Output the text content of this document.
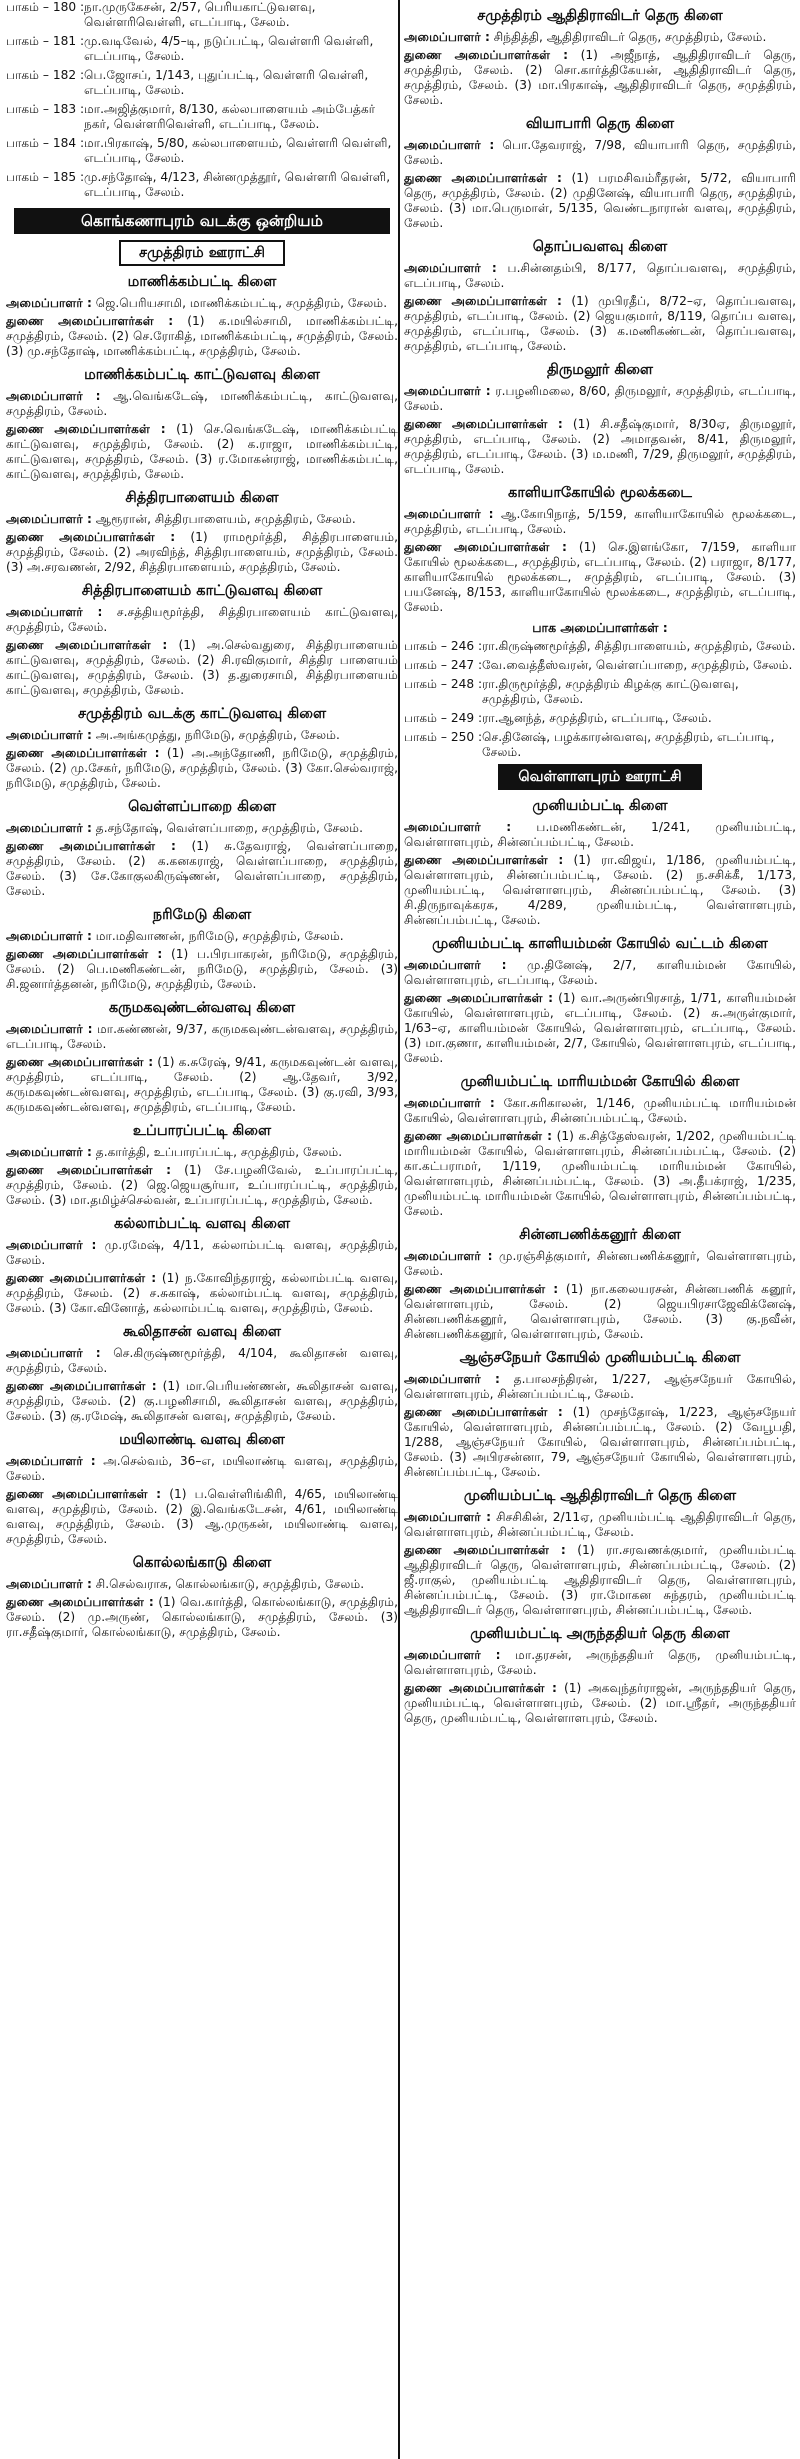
பாகம் – 180 : நா.முருகேசன், 2/57, பெரியகாட்டுவளவு, வெள்ளரிவெள்ளி, எடப்பாடி, சேலம்.
பாகம் – 181 : மு.வடிவேல், 4/5–டி, நடுப்பட்டி, வெள்ளரி வெள்ளி, எடப்பாடி, சேலம்.
பாகம் – 182 : பெ.ஜோசப், 1/143, புதுப்பட்டி, வெள்ளரி வெள்ளி, எடப்பாடி, சேலம்.
பாகம் – 183 : மா.அஜித்குமார், 8/130, கல்லபாளையம் அம்பேத்கர் நகர், வெள்ளரிவெள்ளி, எடப்பாடி, சேலம்.
பாகம் – 184 : மா.பிரகாஷ், 5/80, கல்லபாளையம், வெள்ளரி வெள்ளி, எடப்பாடி, சேலம்.
பாகம் – 185 : மு.சந்தோஷ், 4/123, சின்னமுத்தூர், வெள்ளரி வெள்ளி, எடப்பாடி, சேலம்.
கொங்கணாபுரம் வடக்கு ஒன்றியம்
சமுத்திரம் ஊராட்சி
மாணிக்கம்பட்டி கிளை
அமைப்பாளர் : ஜெ.பெரியசாமி, மாணிக்கம்பட்டி, சமுத்திரம், சேலம்.
துணை அமைப்பாளர்கள் : (1) க.மயில்சாமி, மாணிக்கம்பட்டி, சமுத்திரம், சேலம். (2) செ.ரோகித், மாணிக்கம்பட்டி, சமுத்திரம், சேலம். (3) மு.சந்தோஷ், மாணிக்கம்பட்டி, சமுத்திரம், சேலம்.
மாணிக்கம்பட்டி காட்டுவளவு கிளை
அமைப்பாளர் : ஆ.வெங்கடேஷ், மாணிக்கம்பட்டி, காட்டுவளவு, சமுத்திரம், சேலம்.
துணை அமைப்பாளர்கள் : (1) செ.வெங்கடேஷ், மாணிக்கம்பட்டி காட்டுவளவு, சமுத்திரம், சேலம். (2) க.ராஜா, மாணிக்கம்பட்டி, காட்டுவளவு, சமுத்திரம், சேலம். (3) ர.மோகன்ராஜ், மாணிக்கம்பட்டி, காட்டுவளவு, சமுத்திரம், சேலம்.
சித்திரபாளையம் கிளை
அமைப்பாளர் : ஆரூரான், சித்திரபாளையம், சமுத்திரம், சேலம்.
துணை அமைப்பாளர்கள் : (1) ராமமூர்த்தி, சித்திரபாளையம், சமுத்திரம், சேலம். (2) அரவிந்த், சித்திரபாளையம், சமுத்திரம், சேலம். (3) அ.சரவணன், 2/92, சித்திரபாளையம், சமுத்திரம், சேலம்.
சித்திரபாளையம் காட்டுவளவு கிளை
அமைப்பாளர் : ச.சத்தியமூர்த்தி, சித்திரபாளையம் காட்டுவளவு, சமுத்திரம், சேலம்.
துணை அமைப்பாளர்கள் : (1) அ.செல்வதுரை, சித்திரபாளையம் காட்டுவளவு, சமுத்திரம், சேலம். (2) சி.ரவிகுமார், சித்திர பாளையம் காட்டுவளவு, சமுத்திரம், சேலம். (3) த.துரைசாமி, சித்திரபாளையம் காட்டுவளவு, சமுத்திரம், சேலம்.
சமுத்திரம் வடக்கு காட்டுவளவு கிளை
அமைப்பாளர் : அ.அங்கமுத்து, நரிமேடு, சமுத்திரம், சேலம்.
துணை அமைப்பாளர்கள் : (1) அ.அந்தோணி, நரிமேடு, சமுத்திரம், சேலம். (2) மு.சேகர், நரிமேடு, சமுத்திரம், சேலம். (3) கோ.செல்வராஜ், நரிமேடு, சமுத்திரம், சேலம்.
வெள்ளப்பாறை கிளை
அமைப்பாளர் : த.சந்தோஷ், வெள்ளப்பாறை, சமுத்திரம், சேலம்.
துணை அமைப்பாளர்கள் : (1) சு.தேவராஜ், வெள்ளப்பாறை, சமுத்திரம், சேலம். (2) க.கனகராஜ், வெள்ளப்பாறை, சமுத்திரம், சேலம். (3) சே.கோகுலகிருஷ்ணன், வெள்ளப்பாறை, சமுத்திரம், சேலம்.
நரிமேடு கிளை
அமைப்பாளர் : மா.மதிவாணன், நரிமேடு, சமுத்திரம், சேலம்.
துணை அமைப்பாளர்கள் : (1) ப.பிரபாகரன், நரிமேடு, சமுத்திரம், சேலம். (2) பெ.மணிகண்டன், நரிமேடு, சமுத்திரம், சேலம். (3) சி.ஜனார்த்தனன், நரிமேடு, சமுத்திரம், சேலம்.
கருமகவுண்டன்வளவு கிளை
அமைப்பாளர் : மா.கண்ணன், 9/37, கருமகவுண்டன்வளவு, சமுத்திரம், எடப்பாடி, சேலம்.
துணை அமைப்பாளர்கள் : (1) க.சுரேஷ், 9/41, கருமகவுண்டன் வளவு, சமுத்திரம், எடப்பாடி, சேலம். (2) ஆ.தேவர், 3/92, கருமகவுண்டன்வளவு, சமுத்திரம், எடப்பாடி, சேலம். (3) கு.ரவி, 3/93, கருமகவுண்டன்வளவு, சமுத்திரம், எடப்பாடி, சேலம்.
உப்பாரப்பட்டி கிளை
அமைப்பாளர் : த.கார்த்தி, உப்பாரப்பட்டி, சமுத்திரம், சேலம்.
துணை அமைப்பாளர்கள் : (1) சே.பழனிவேல், உப்பாரப்பட்டி, சமுத்திரம், சேலம். (2) ஜெ.ஜெயசூர்யா, உப்பாரப்பட்டி, சமுத்திரம், சேலம். (3) மா.தமிழ்ச்செல்வன், உப்பாரப்பட்டி, சமுத்திரம், சேலம்.
கல்லாம்பட்டி வளவு கிளை
அமைப்பாளர் : மு.ரமேஷ், 4/11, கல்லாம்பட்டி வளவு, சமுத்திரம், சேலம்.
துணை அமைப்பாளர்கள் : (1) ந.கோவிந்தராஜ், கல்லாம்பட்டி வளவு, சமுத்திரம், சேலம். (2) ச.சுகாஷ், கல்லாம்பட்டி வளவு, சமுத்திரம், சேலம். (3) கோ.வினோத், கல்லாம்பட்டி வளவு, சமுத்திரம், சேலம்.
கூலிதாசன் வளவு கிளை
அமைப்பாளர் : செ.கிருஷ்ணமூர்த்தி, 4/104, கூலிதாசன் வளவு, சமுத்திரம், சேலம்.
துணை அமைப்பாளர்கள் : (1) மா.பெரியண்ணன், கூலிதாசன் வளவு, சமுத்திரம், சேலம். (2) கு.பழனிசாமி, கூலிதாசன் வளவு, சமுத்திரம், சேலம். (3) கு.ரமேஷ், கூலிதாசன் வளவு, சமுத்திரம், சேலம்.
மயிலாண்டி வளவு கிளை
அமைப்பாளர் : அ.செல்வம், 36–எ, மயிலாண்டி வளவு, சமுத்திரம், சேலம்.
துணை அமைப்பாளர்கள் : (1) ப.வெள்ளிங்கிரி, 4/65, மயிலாண்டி வளவு, சமுத்திரம், சேலம். (2) இ.வெங்கடேசன், 4/61, மயிலாண்டி வளவு, சமுத்திரம், சேலம். (3) ஆ.முருகன், மயிலாண்டி வளவு, சமுத்திரம், சேலம்.
கொல்லங்காடு கிளை
அமைப்பாளர் : சி.செல்வராசு, கொல்லங்காடு, சமுத்திரம், சேலம்.
துணை அமைப்பாளர்கள் : (1) வெ.கார்த்தி, கொல்லங்காடு, சமுத்திரம், சேலம். (2) மு.அருண், கொல்லங்காடு, சமுத்திரம், சேலம். (3) ரா.சதீஷ்குமார், கொல்லங்காடு, சமுத்திரம், சேலம்.
சமுத்திரம் ஆதிதிராவிடர் தெரு கிளை
அமைப்பாளர் : சிந்தித்தி, ஆதிதிராவிடர் தெரு, சமுத்திரம், சேலம்.
துணை அமைப்பாளர்கள் : (1) அஜீநாத், ஆதிதிராவிடர் தெரு, சமுத்திரம், சேலம். (2) சொ.கார்த்திகேயன், ஆதிதிராவிடர் தெரு, சமுத்திரம், சேலம். (3) மா.பிரகாஷ், ஆதிதிராவிடர் தெரு, சமுத்திரம், சேலம்.
வியாபாரி தெரு கிளை
அமைப்பாளர் : பொ.தேவராஜ், 7/98, வியாபாரி தெரு, சமுத்திரம், சேலம்.
துணை அமைப்பாளர்கள் : (1) பரமசிவம்ரீதரன், 5/72, வியாபாரி தெரு, சமுத்திரம், சேலம். (2) முதினேஷ், வியாபாரி தெரு, சமுத்திரம், சேலம். (3) மா.பெருமாள், 5/135, வெண்டநாரான் வளவு, சமுத்திரம், சேலம்.
தொப்பவளவு கிளை
அமைப்பாளர் : ப.சின்னதம்பி, 8/177, தொப்பவளவு, சமுத்திரம், எடப்பாடி, சேலம்.
துணை அமைப்பாளர்கள் : (1) முபிரதீப், 8/72–ஏ, தொப்பவளவு, சமுத்திரம், எடப்பாடி, சேலம். (2) ஜெயகுமார், 8/119, தொப்ப வளவு, சமுத்திரம், எடப்பாடி, சேலம். (3) க.மணிகண்டன், தொப்பவளவு, சமுத்திரம், எடப்பாடி, சேலம்.
திருமலூர் கிளை
அமைப்பாளர் : ர.பழனிமலை, 8/60, திருமலூர், சமுத்திரம், எடப்பாடி, சேலம்.
துணை அமைப்பாளர்கள் : (1) சி.சதீஷ்குமார், 8/30ஏ, திருமலூர், சமுத்திரம், எடப்பாடி, சேலம். (2) அமாதவன், 8/41, திருமலூர், சமுத்திரம், எடப்பாடி, சேலம். (3) ம.மணி, 7/29, திருமலூர், சமுத்திரம், எடப்பாடி, சேலம்.
காளியாகோயில் மூலக்கடை
அமைப்பாளர் : ஆ.கோபிநாத், 5/159, காளியாகோயில் மூலக்கடை, சமுத்திரம், எடப்பாடி, சேலம்.
துணை அமைப்பாளர்கள் : (1) செ.இளங்கோ, 7/159, காளியா கோயில் மூலக்கடை, சமுத்திரம், எடப்பாடி, சேலம். (2) பராஜா, 8/177, காளியாகோயில் மூலக்கடை, சமுத்திரம், எடப்பாடி, சேலம். (3) பயனேஷ், 8/153, காளியாகோயில் மூலக்கடை, சமுத்திரம், எடப்பாடி, சேலம்.
பாக அமைப்பாளர்கள் :
பாகம் – 246 : ரா.கிருஷ்ணமூர்த்தி, சித்திரபாளையம், சமுத்திரம், சேலம்.
பாகம் – 247 : வே.வைத்தீஸ்வரன், வெள்ளப்பாறை, சமுத்திரம், சேலம்.
பாகம் – 248 : ரா.திருமூர்த்தி, சமுத்திரம் கிழக்கு காட்டுவளவு, சமுத்திரம், சேலம்.
பாகம் – 249 : ரா.ஆனந்த், சமுத்திரம், எடப்பாடி, சேலம்.
பாகம் – 250 : செ.தினேஷ், பழக்காரன்வளவு, சமுத்திரம், எடப்பாடி, சேலம்.
வெள்ளாளபுரம் ஊராட்சி
முனியம்பட்டி கிளை
அமைப்பாளர் : ப.மணிகண்டன், 1/241, முனியம்பட்டி, வெள்ளாளபுரம், சின்னப்பம்பட்டி, சேலம்.
துணை அமைப்பாளர்கள் : (1) ரா.விஜய், 1/186, முனியம்பட்டி, வெள்ளாளபுரம், சின்னப்பம்பட்டி, சேலம். (2) ந.சசிக்கீ, 1/173, முனியம்பட்டி, வெள்ளாளபுரம், சின்னப்பம்பட்டி, சேலம். (3) சி.திருநாவுக்கரசு, 4/289, முனியம்பட்டி, வெள்ளாளபுரம், சின்னப்பம்பட்டி, சேலம்.
முனியம்பட்டி காளியம்மன் கோயில் வட்டம் கிளை
அமைப்பாளர் : மு.தினேஷ், 2/7, காளியம்மன் கோயில், வெள்ளாளபுரம், எடப்பாடி, சேலம்.
துணை அமைப்பாளர்கள் : (1) வா.அருண்பிரசாத், 1/71, காளியம்மன் கோயில், வெள்ளாளபுரம், எடப்பாடி, சேலம். (2) சு.அருள்குமார், 1/63–ஏ, காளியம்மன் கோயில், வெள்ளாளபுரம், எடப்பாடி, சேலம். (3) மா.குணா, காளியம்மன், 2/7, கோயில், வெள்ளாளபுரம், எடப்பாடி, சேலம்.
முனியம்பட்டி மாரியம்மன் கோயில் கிளை
அமைப்பாளர் : கோ.சுரிகாலன், 1/146, முனியம்பட்டி மாரியம்மன் கோயில், வெள்ளாளபுரம், சின்னப்பம்பட்டி, சேலம்.
துணை அமைப்பாளர்கள் : (1) க.சித்தேஸ்வரன், 1/202, முனியம்பட்டி மாரியம்மன் கோயில், வெள்ளாளபுரம், சின்னப்பம்பட்டி, சேலம். (2) கா.கட்பராமர், 1/119, முனியம்பட்டி மாரியம்மன் கோயில், வெள்ளாளபுரம், சின்னப்பம்பட்டி, சேலம். (3) அ.தீபக்ராஜ், 1/235, முனியம்பட்டி மாரியம்மன் கோயில், வெள்ளாளபுரம், சின்னப்பம்பட்டி, சேலம்.
சின்னபணிக்கனூர் கிளை
அமைப்பாளர் : மு.ரஞ்சித்குமார், சின்னபணிக்கனூர், வெள்ளாளபுரம், சேலம்.
துணை அமைப்பாளர்கள் : (1) நா.கலையரசன், சின்னபணிக் கனூர், வெள்ளாளபுரம், சேலம். (2) ஜெயபிரசாஜேவிக்னேஷ், சின்னபணிக்கனூர், வெள்ளாளபுரம், சேலம். (3) கு.நவீன், சின்னபணிக்கனூர், வெள்ளாளபுரம், சேலம்.
ஆஞ்சநேயர் கோயில் முனியம்பட்டி கிளை
அமைப்பாளர் : த.பாலசந்திரன், 1/227, ஆஞ்சநேயர் கோயில், வெள்ளாளபுரம், சின்னப்பம்பட்டி, சேலம்.
துணை அமைப்பாளர்கள் : (1) முசந்தோஷ், 1/223, ஆஞ்சநேயர் கோயில், வெள்ளாளபுரம், சின்னப்பம்பட்டி, சேலம். (2) வேபூபதி, 1/288, ஆஞ்சநேயர் கோயில், வெள்ளாளபுரம், சின்னப்பம்பட்டி, சேலம். (3) அபிரசன்னா, 79, ஆஞ்சநேயர் கோயில், வெள்ளாளபுரம், சின்னப்பம்பட்டி, சேலம்.
முனியம்பட்டி ஆதிதிராவிடர் தெரு கிளை
அமைப்பாளர் : சிசசிகின், 2/11ஏ, முனியம்பட்டி ஆதிதிராவிடர் தெரு, வெள்ளாளபுரம், சின்னப்பம்பட்டி, சேலம்.
துணை அமைப்பாளர்கள் : (1) ரா.சரவணக்குமார், முனியம்பட்டி ஆதிதிராவிடர் தெரு, வெள்ளாளபுரம், சின்னப்பம்பட்டி, சேலம். (2) ஜீ.ராகுல், முனியம்பட்டி ஆதிதிராவிடர் தெரு, வெள்ளாளபுரம், சின்னப்பம்பட்டி, சேலம். (3) ரா.மோகன சுந்தரம், முனியம்பட்டி ஆதிதிராவிடர் தெரு, வெள்ளாளபுரம், சின்னப்பம்பட்டி, சேலம்.
முனியம்பட்டி அருந்ததியர் தெரு கிளை
அமைப்பாளர் : மா.தரசன், அருந்ததியர் தெரு, முனியம்பட்டி, வெள்ளாளபுரம், சேலம்.
துணை அமைப்பாளர்கள் : (1) அகவுந்தர்ராஜன், அருந்ததியர் தெரு, முனியம்பட்டி, வெள்ளாளபுரம், சேலம். (2) மா.ஸ்ரீதர், அருந்ததியர் தெரு, முனியம்பட்டி, வெள்ளாளபுரம், சேலம்.
